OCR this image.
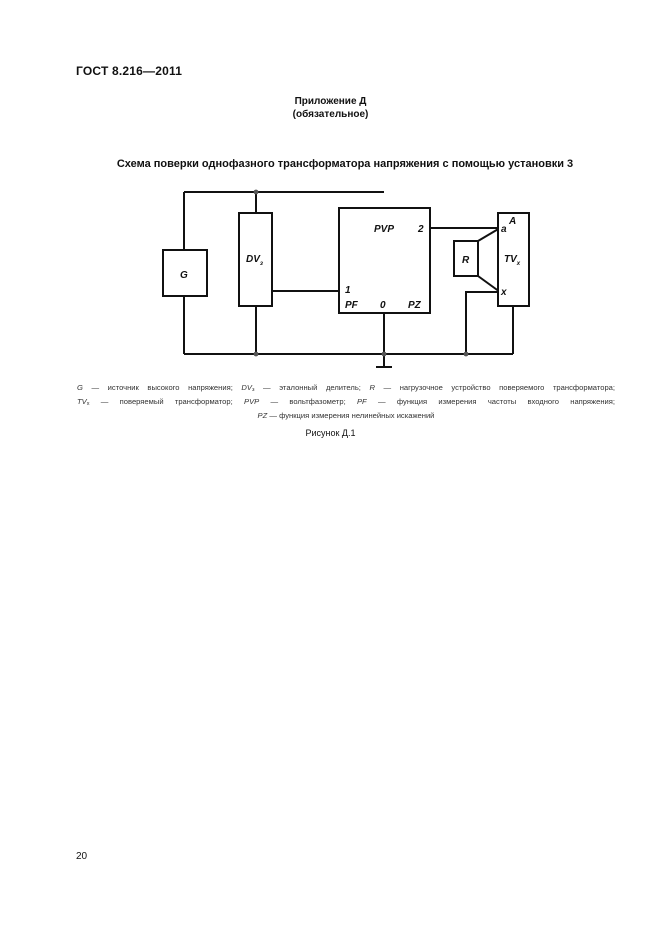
ГОСТ 8.216—2011
Приложение Д
(обязательное)
Схема поверки однофазного трансформатора напряжения с помощью установки 3
G
$DV_з$
PVP 2
1
PF 0 PZ
R	$TV_x$
A
a
x
G — источник высокого напряжения; $DV_з$ — эталонный делитель; R — нагрузочное устройство поверяемого трансформатора;
$TV_x$ — поверяемый трансформатор; PVP — вольтфазометр; PF — функция измерения частоты входного напряжения;
PZ — функция измерения нелинейных искажений
Рисунок Д.1
20
